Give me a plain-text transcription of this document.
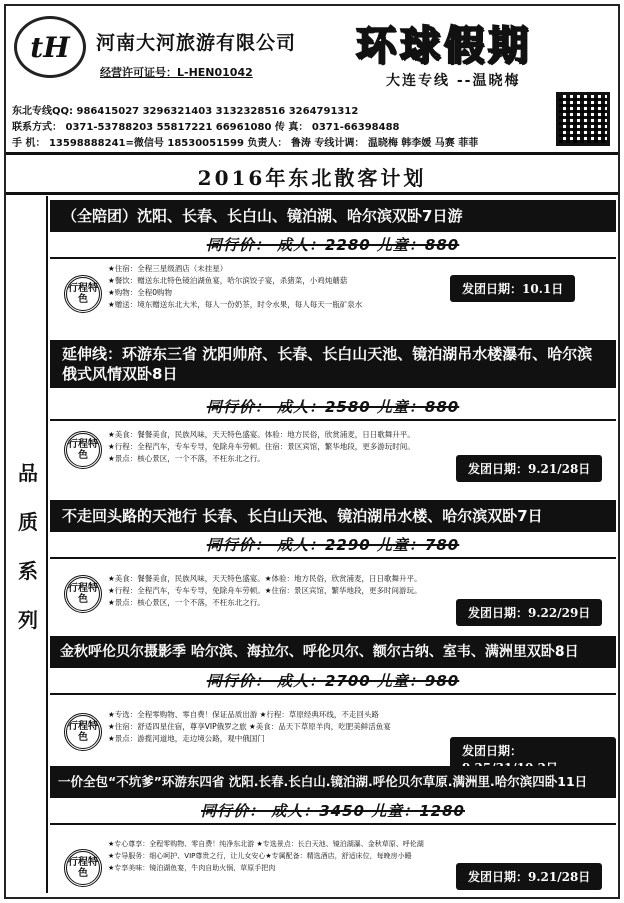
tH	河南大河旅游有限公司
经营许可证号：L-HEN01042
环球假期
大连专线 --温晓梅
东北专线QQ: 986415027 3296321403 3132328516 3264791312
联系方式： 0371-53788203 55817221 66961080 传 真： 0371-66398488
手 机： 13598888241=微信号 18530051599 负责人： 鲁涛 专线计调： 温晓梅 韩李媛 马赛 菲菲
2016年东北散客计划
品
质
系
列
（全陪团）沈阳、长春、长白山、镜泊湖、哈尔滨双卧7日游
同行价： 成人：2280 儿童：880
行程特色
★住宿：全程三星级酒店（未挂星）
★餐饮：赠送东北特色镜泊湖鱼宴，哈尔滨饺子宴，杀猪菜，小鸡炖蘑菇
★购物：全程0购物
★赠送：境东赠送东北大米，每人一份奶茶，时令水果，每人每天一瓶矿泉水
发团日期：10.1日
延伸线：环游东三省 沈阳帅府、长春、长白山天池、镜泊湖吊水楼瀑布、哈尔滨俄式风情双卧8日
同行价： 成人：2580 儿童：880
行程特色
★美食：餐餐美食，民族风味，天天特色盛宴。体验：地方民俗，欣赏浦麦，日日歌舞升平。
★行程：全程汽车，专车专导，免除舟车劳顿。住宿：景区宾馆，繁华地段，更多游玩时间。
★景点：核心景区，一个不落，不枉东北之行。
发团日期：9.21/28日
不走回头路的天池行 长春、长白山天池、镜泊湖吊水楼、哈尔滨双卧7日
同行价： 成人：2290 儿童：780
行程特色
★美食：餐餐美食，民族风味，天天特色盛宴。★体验：地方民俗，欣赏浦麦，日日歌舞升平。
★行程：全程汽车，专车专导，免除舟车劳顿。★住宿：景区宾馆，繁华地段，更多时间游玩。
★景点：核心景区，一个不落，不枉东北之行。
发团日期：9.22/29日
金秋呼伦贝尔摄影季 哈尔滨、海拉尔、呼伦贝尔、额尔古纳、室韦、满洲里双卧8日
同行价： 成人：2700 儿童：980
行程特色
★专选：全程零购物、零自费！保证品质出游 ★行程：草原经典环线，不走回头路
★住宿：舒适四星住宿，尊享VIP俄罗之旅 ★美食：品天下草原羊肉，吃肥美鲜活鱼宴
★景点：游揽河道地，走边境公路，观中俄国门
发团日期：
一价全包“不坑爹”环游东四省 沈阳.长春.长白山.镜泊湖.呼伦贝尔草原.满洲里.哈尔滨四卧11日
同行价： 成人：3450 儿童：1280
行程特色
★专心尊享：全程零购物、零自费！纯净东北游 ★专选景点：长白天池、镜泊湖瀑、金秋草原、呼伦湖
★专导服务：细心呵护、VIP尊贵之行，让儿女安心★专属配备：精选酒店，舒适床位，每晚房小睡
★专享美味：镜泊湖鱼宴，牛肉自助火锅，草原手把肉
发团日期：9.21/28日
